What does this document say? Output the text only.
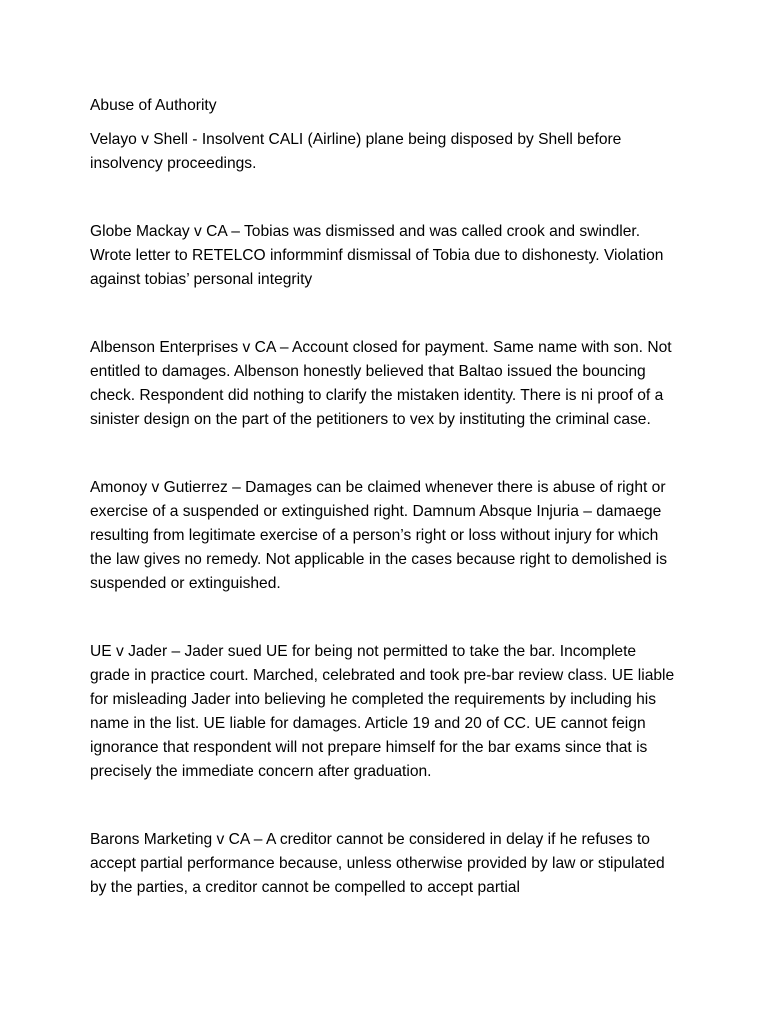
Abuse of Authority

Velayo v Shell - Insolvent CALI (Airline) plane being disposed by Shell before insolvency proceedings.

Globe Mackay v CA – Tobias was dismissed and was called crook and swindler. Wrote letter to RETELCO informminf dismissal of Tobia due to dishonesty. Violation against tobias’ personal integrity

Albenson Enterprises v CA – Account closed for payment. Same name with son. Not entitled to damages. Albenson honestly believed that Baltao issued the bouncing check. Respondent did nothing to clarify the mistaken identity. There is ni proof of a sinister design on the part of the petitioners to vex by instituting the criminal case.

Amonoy v Gutierrez – Damages can be claimed whenever there is abuse of right or exercise of a suspended or extinguished right. Damnum Absque Injuria – damaege resulting from legitimate exercise of a person’s right or loss without injury for which the law gives no remedy. Not applicable in the cases because right to demolished is suspended or extinguished.

UE v Jader – Jader sued UE for being not permitted to take the bar. Incomplete grade in practice court. Marched, celebrated and took pre-bar review class. UE liable for misleading Jader into believing he completed the requirements by including his name in the list. UE liable for damages. Article 19 and 20 of CC. UE cannot feign ignorance that respondent will not prepare himself for the bar exams since that is precisely the immediate concern after graduation.

Barons Marketing v CA – A creditor cannot be considered in delay if he refuses to accept partial performance because, unless otherwise provided by law or stipulated by the parties, a creditor cannot be compelled to accept partial
